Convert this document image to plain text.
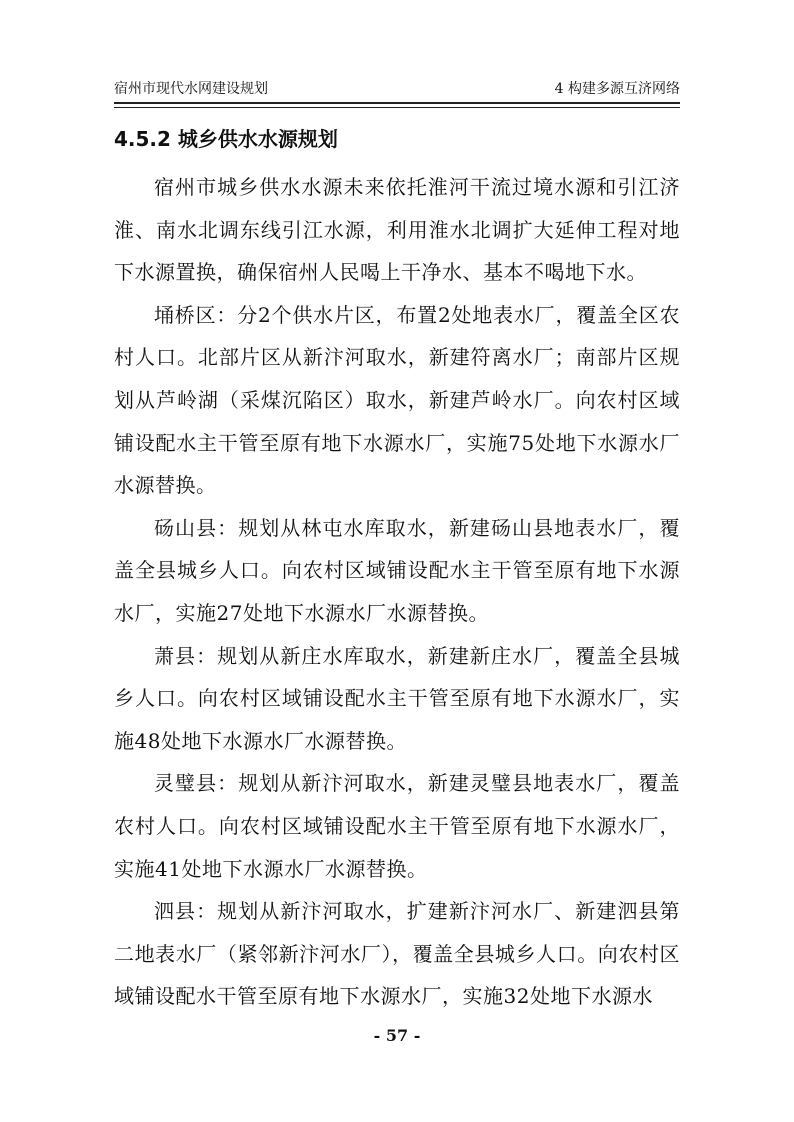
宿州市现代水网建设规划	4 构建多源互济网络
4.5.2 城乡供水水源规划

宿州市城乡供水水源未来依托淮河干流过境水源和引江济淮、南水北调东线引江水源，利用淮水北调扩大延伸工程对地下水源置换，确保宿州人民喝上干净水、基本不喝地下水。

埇桥区：分2个供水片区，布置2处地表水厂，覆盖全区农村人口。北部片区从新汴河取水，新建符离水厂；南部片区规划从芦岭湖（采煤沉陷区）取水，新建芦岭水厂。向农村区域铺设配水主干管至原有地下水源水厂，实施75处地下水源水厂水源替换。

砀山县：规划从林屯水库取水，新建砀山县地表水厂，覆盖全县城乡人口。向农村区域铺设配水主干管至原有地下水源水厂，实施27处地下水源水厂水源替换。

萧县：规划从新庄水库取水，新建新庄水厂，覆盖全县城乡人口。向农村区域铺设配水主干管至原有地下水源水厂，实施48处地下水源水厂水源替换。

灵璧县：规划从新汴河取水，新建灵璧县地表水厂，覆盖农村人口。向农村区域铺设配水主干管至原有地下水源水厂，实施41处地下水源水厂水源替换。

泗县：规划从新汴河取水，扩建新汴河水厂、新建泗县第二地表水厂（紧邻新汴河水厂），覆盖全县城乡人口。向农村区域铺设配水干管至原有地下水源水厂，实施32处地下水源水

- 57 -
